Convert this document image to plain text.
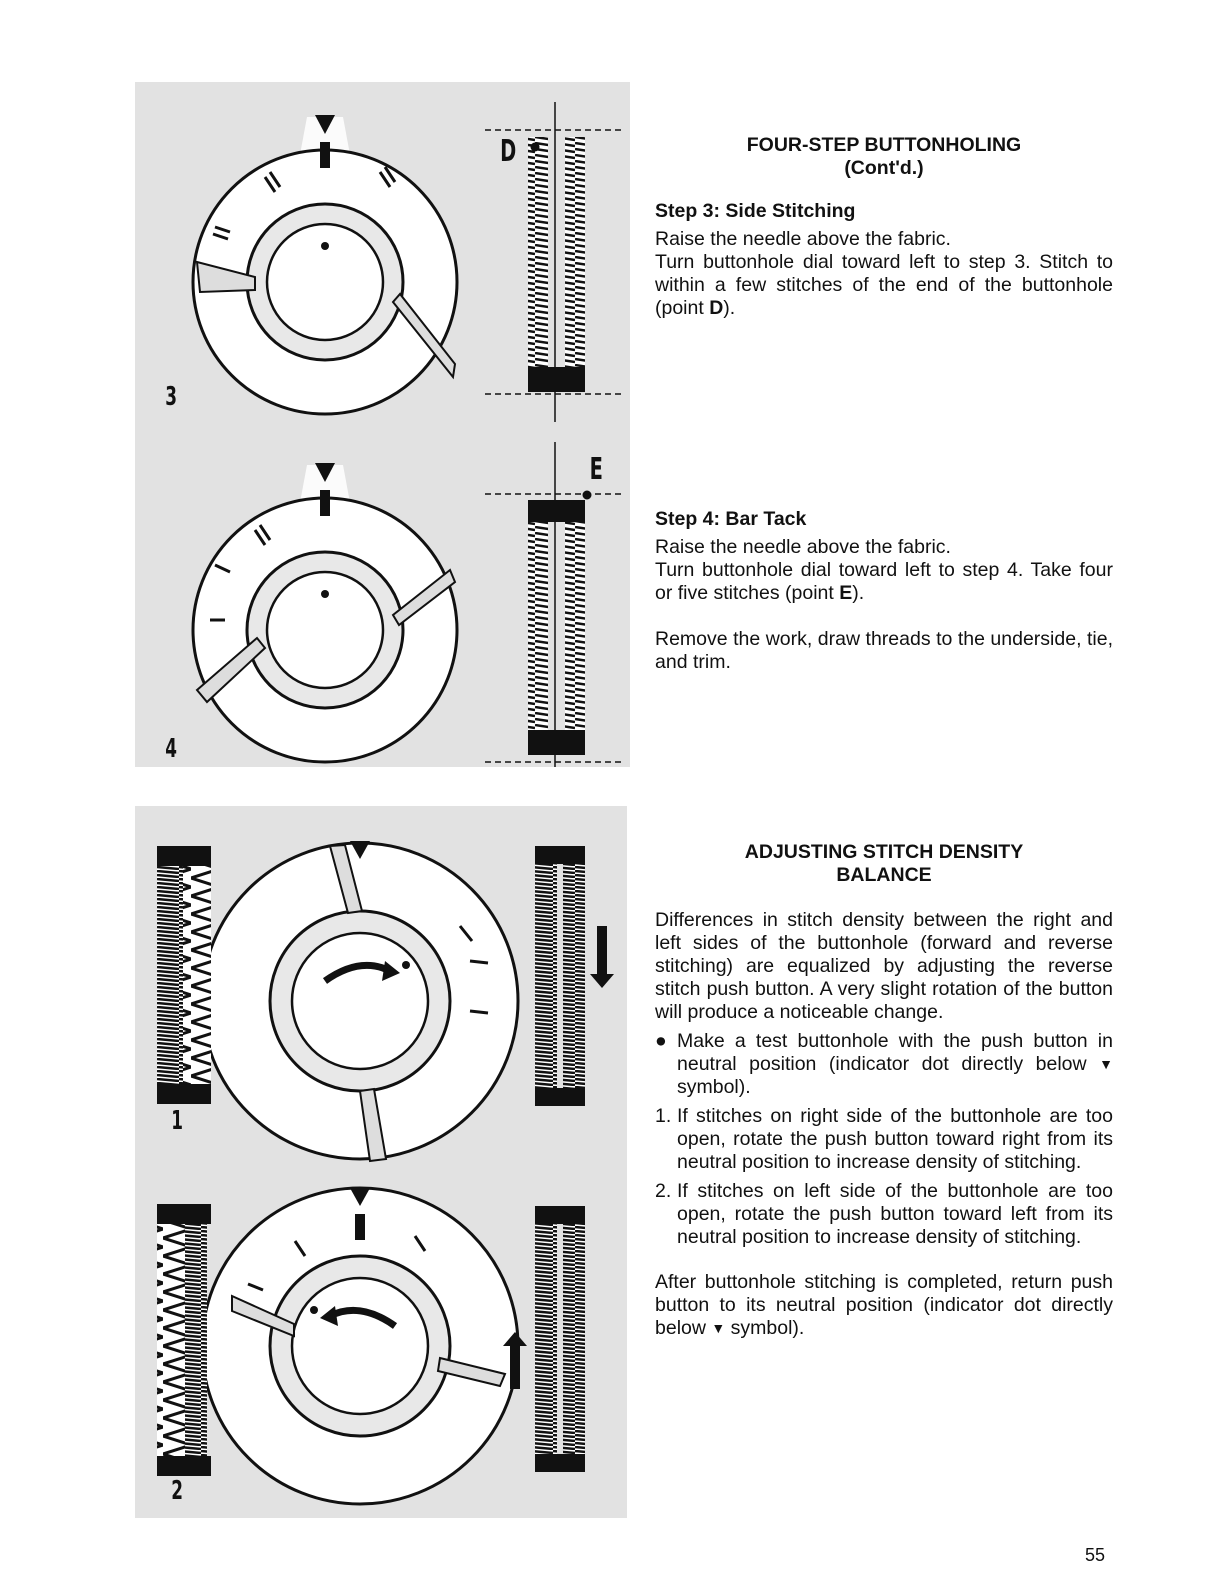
3
4
D
E
1
2

FOUR-STEP BUTTONHOLING

(Cont'd.)

Step 3: Side Stitching

Raise the needle above the fabric.

Turn buttonhole dial toward left to step 3. Stitch to within a few stitches of the end of the buttonhole (point D).

Step 4: Bar Tack

Raise the needle above the fabric.

Turn buttonhole dial toward left to step 4. Take four or five stitches (point E).

Remove the work, draw threads to the underside, tie, and trim.

ADJUSTING STITCH DENSITY

BALANCE

Differences in stitch density between the right and left sides of the buttonhole (forward and reverse stitching) are equalized by adjusting the reverse stitch push button. A very slight rotation of the button will produce a noticeable change.

● Make a test buttonhole with the push button in neutral position (indicator dot directly below ▼ symbol).
1. If stitches on right side of the buttonhole are too open, rotate the push button toward right from its neutral position to increase density of stitching.
2. If stitches on left side of the buttonhole are too open, rotate the push button toward left from its neutral position to increase density of stitching.

After buttonhole stitching is completed, return push button to its neutral position (indicator dot directly below ▼ symbol).

55
